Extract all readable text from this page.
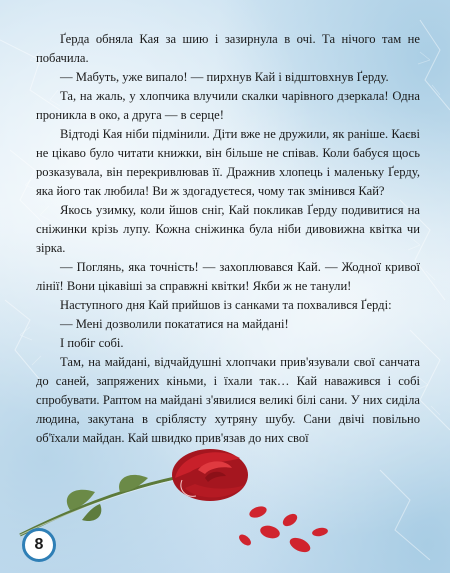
Ґерда обняла Кая за шию і зазирнула в очі. Та нічого там не побачила.

— Мабуть, уже випало! — пирхнув Кай і відштовхнув Ґерду.

Та, на жаль, у хлопчика влучили скалки чарівного дзеркала! Одна проникла в око, а друга — в серце!

Відтоді Кая ніби підмінили. Діти вже не дружили, як раніше. Каєві не цікаво було читати книжки, він більше не співав. Коли бабуся щось розказувала, він перекривлював її. Дражнив хлопець і маленьку Ґерду, яка його так любила! Ви ж здогадуєтеся, чому так змінився Кай?

Якось узимку, коли йшов сніг, Кай покликав Ґерду подивитися на сніжинки крізь лупу. Кожна сніжинка була ніби дивовижна квітка чи зірка.

— Поглянь, яка точність! — захоплювався Кай. — Жодної кривої лінії! Вони цікавіші за справжні квітки! Якби ж не танули!

Наступного дня Кай прийшов із санками та похвалився Ґерді:

— Мені дозволили покататися на майдані!

І побіг собі.

Там, на майдані, відчайдушні хлопчаки прив'язували свої санчата до саней, запряжених кіньми, і їхали так… Кай наважився і собі спробувати. Раптом на майдані з'явилися великі білі сани. У них сиділа людина, закутана в сріблясту хутряну шубу. Сани двічі повільно об'їхали майдан. Кай швидко прив'язав до них свої

8
